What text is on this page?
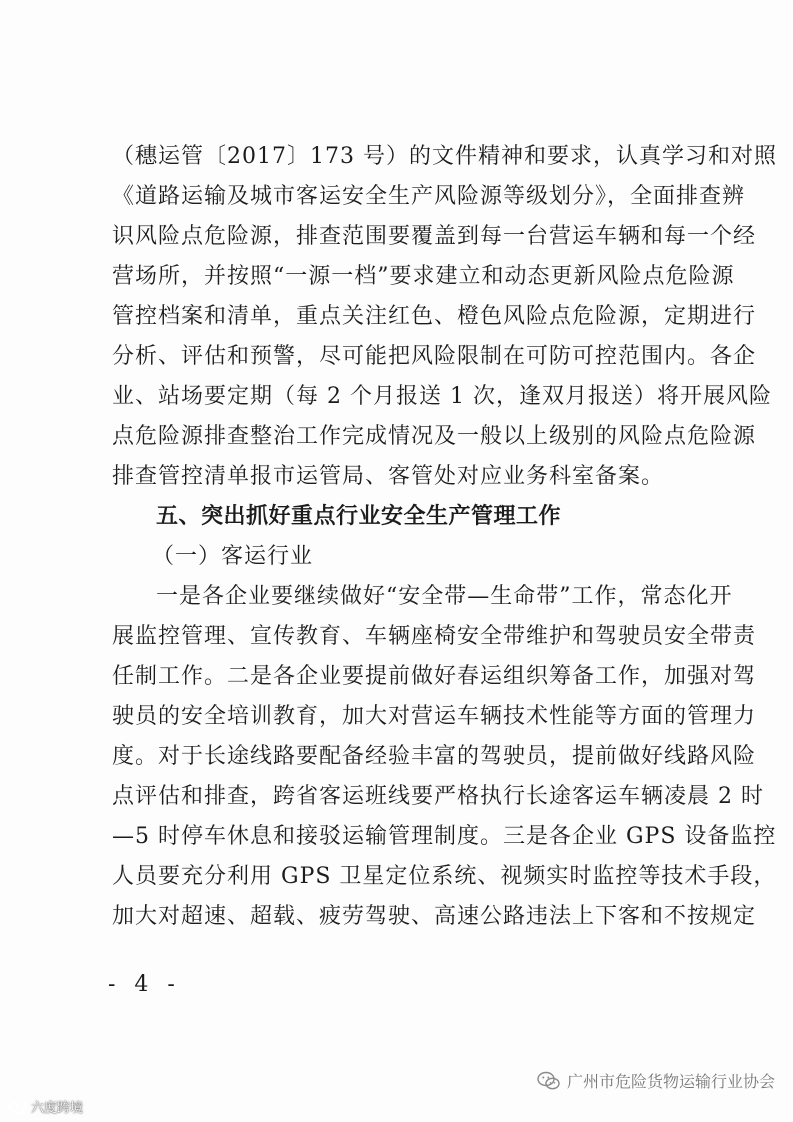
（穗运管〔2017〕173 号）的文件精神和要求，认真学习和对照
《道路运输及城市客运安全生产风险源等级划分》，全面排查辨
识风险点危险源，排查范围要覆盖到每一台营运车辆和每一个经
营场所，并按照“一源一档”要求建立和动态更新风险点危险源
管控档案和清单，重点关注红色、橙色风险点危险源，定期进行
分析、评估和预警，尽可能把风险限制在可防可控范围内。各企
业、站场要定期（每 2 个月报送 1 次，逢双月报送）将开展风险
点危险源排查整治工作完成情况及一般以上级别的风险点危险源
排查管控清单报市运管局、客管处对应业务科室备案。
五、突出抓好重点行业安全生产管理工作
（一）客运行业
一是各企业要继续做好“安全带—生命带”工作，常态化开
展监控管理、宣传教育、车辆座椅安全带维护和驾驶员安全带责
任制工作。二是各企业要提前做好春运组织筹备工作，加强对驾
驶员的安全培训教育，加大对营运车辆技术性能等方面的管理力
度。对于长途线路要配备经验丰富的驾驶员，提前做好线路风险
点评估和排查，跨省客运班线要严格执行长途客运车辆凌晨 2 时
—5 时停车休息和接驳运输管理制度。三是各企业 GPS 设备监控
人员要充分利用 GPS 卫星定位系统、视频实时监控等技术手段，
加大对超速、超载、疲劳驾驶、高速公路违法上下客和不按规定
- 4 -
广州市危险货物运输行业协会
六度跨境
